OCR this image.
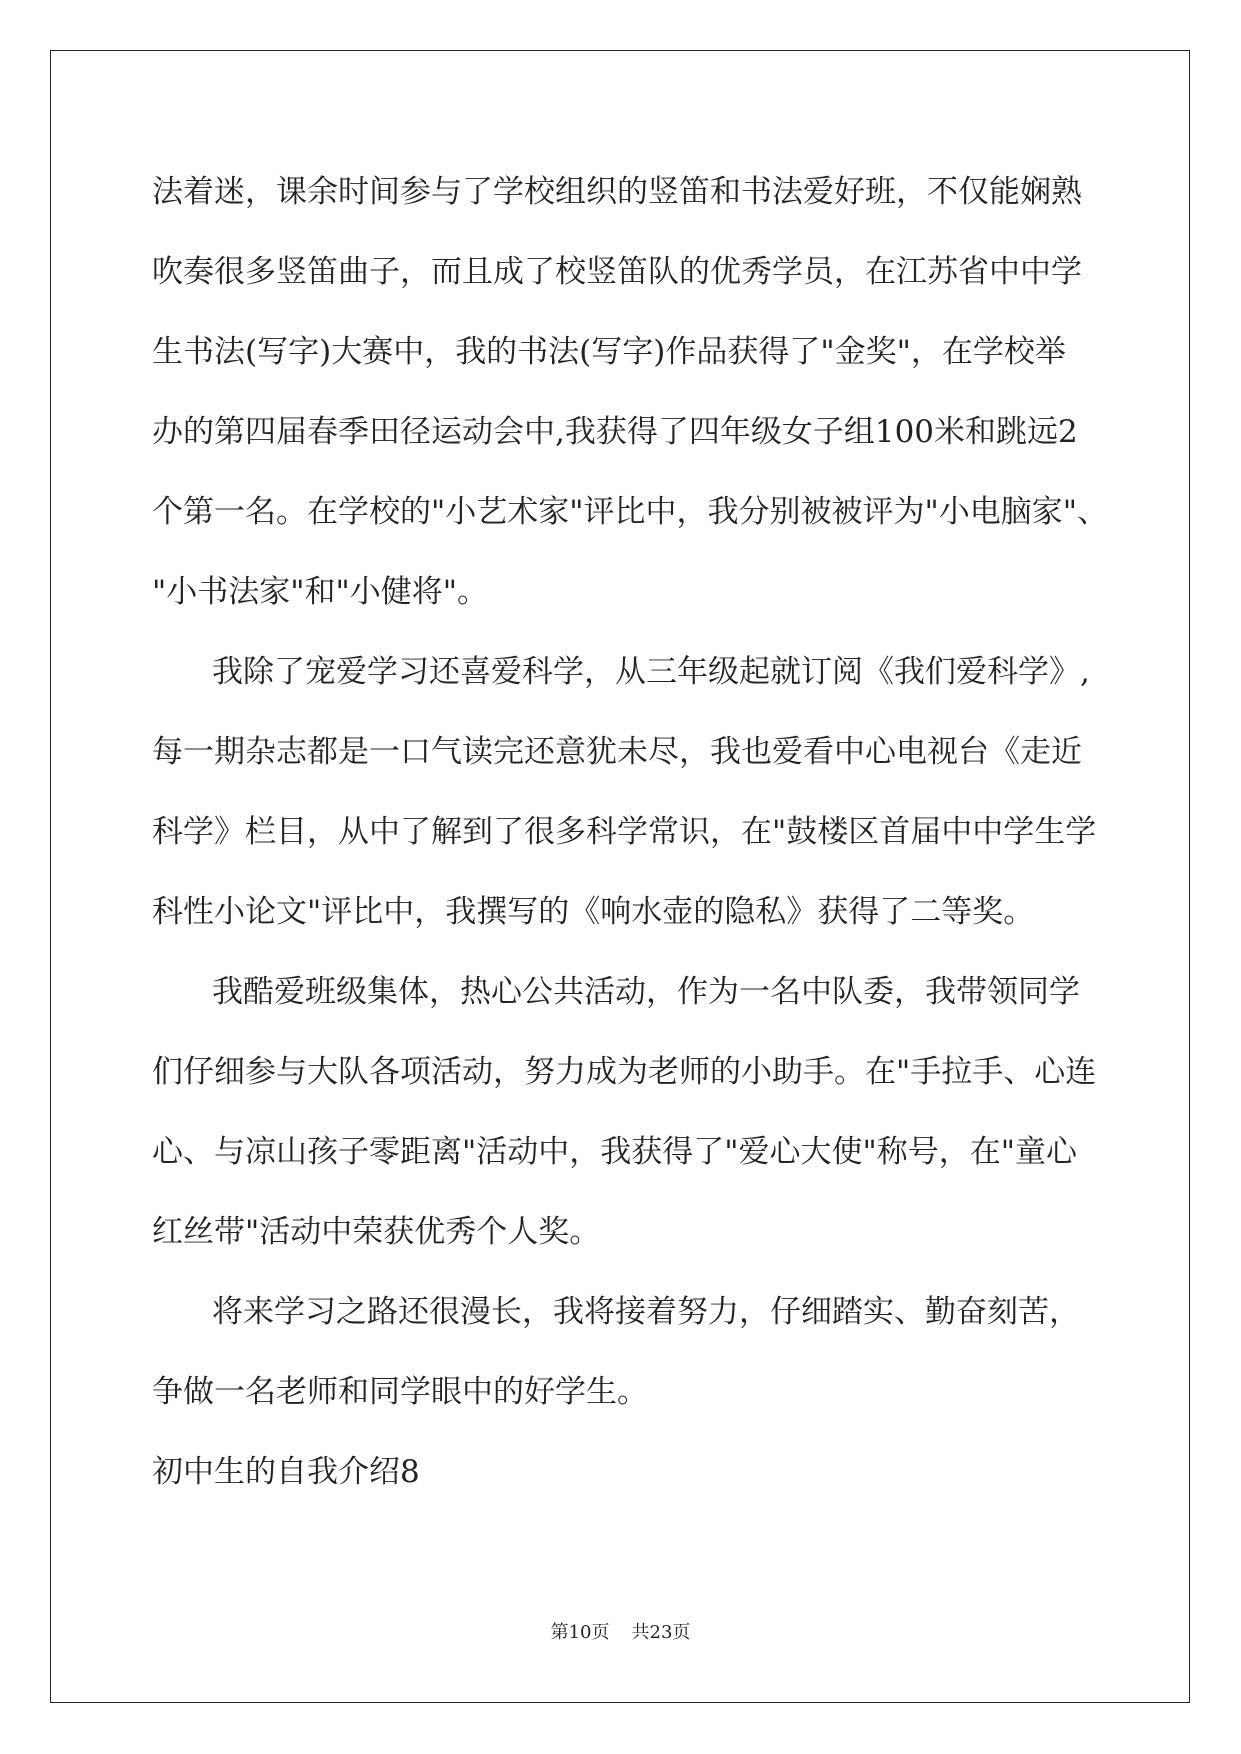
法着迷，课余时间参与了学校组织的竖笛和书法爱好班，不仅能娴熟

吹奏很多竖笛曲子，而且成了校竖笛队的优秀学员，在江苏省中中学

生书法(写字)大赛中，我的书法(写字)作品获得了"金奖"，在学校举

办的第四届春季田径运动会中,我获得了四年级女子组100米和跳远2

个第一名。在学校的"小艺术家"评比中，我分别被被评为"小电脑家"、

"小书法家"和"小健将"。

我除了宠爱学习还喜爱科学，从三年级起就订阅《我们爱科学》,

每一期杂志都是一口气读完还意犹未尽，我也爱看中心电视台《走近

科学》栏目，从中了解到了很多科学常识，在"鼓楼区首届中中学生学

科性小论文"评比中，我撰写的《响水壶的隐私》获得了二等奖。

我酷爱班级集体，热心公共活动，作为一名中队委，我带领同学

们仔细参与大队各项活动，努力成为老师的小助手。在"手拉手、心连

心、与凉山孩子零距离"活动中，我获得了"爱心大使"称号，在"童心

红丝带"活动中荣获优秀个人奖。

将来学习之路还很漫长，我将接着努力，仔细踏实、勤奋刻苦，

争做一名老师和同学眼中的好学生。

初中生的自我介绍8

第10页 共23页
